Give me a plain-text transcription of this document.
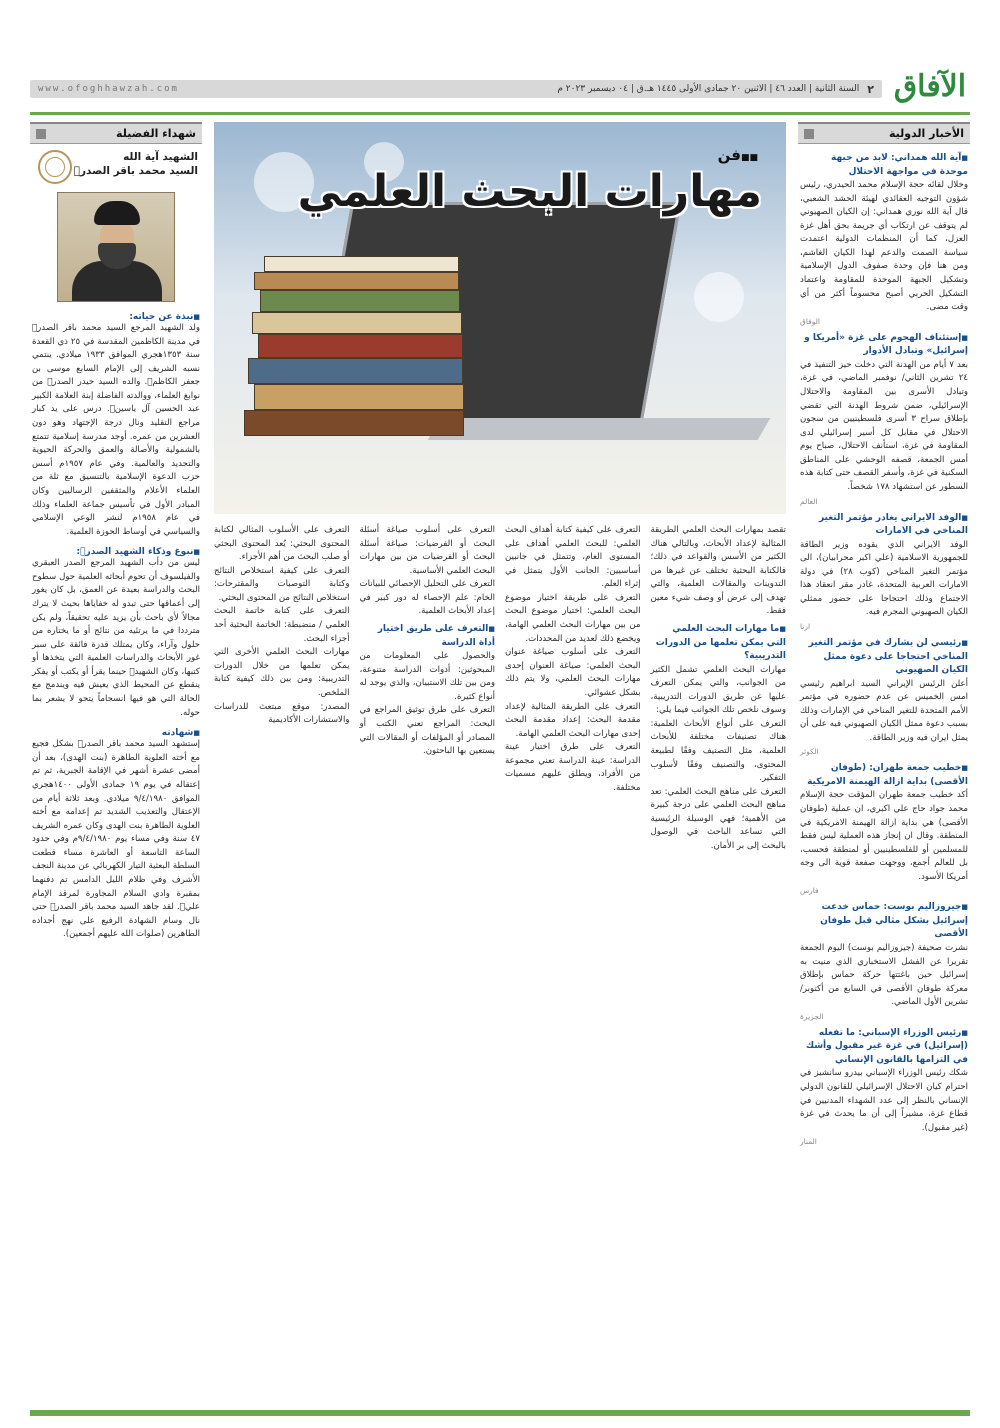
الآفاق
٢
السنة الثانية | العدد ٤٦ | الاثنين ٢٠ جمادى الأولى ١٤٤٥ هـ.ق | ٠٤ ديسمبر ٢٠٢٣ م
www.ofoghhawzah.com
الأخبار الدولية
■ آية الله همداني: لابد من جبهة موحدة في مواجهة الاحتلال

وخلال لقائه حجة الإسلام محمد الحيدري، رئيس شؤون التوجيه العقائدي لهيئة الحشد الشعبي، قال آية الله نوري همداني: إن الكيان الصهيوني لم يتوقف عن ارتكاب أي جريمة بحق أهل غزة العزل، كما أن المنظمات الدولية اعتمدت سياسة الصمت والدعم لهذا الكيان الغاشم، ومن هنا فإن وحدة صفوف الدول الإسلامية وتشكيل الجبهة الموحدة للمقاومة واعتماد التشكيل الحربي أصبح محسوماً أكثر من أي وقت مضى.

الوفاق
■ إستئناف الهجوم على غزة «أمريكا و إسرائيل» وتبادل الأدوار

بعد ٧ أيام من الهدنة التي دخلت حيز التنفيذ في ٢٤ تشرين الثاني/ نوفمبر الماضي، في غزة، وتبادل الأسرى بين المقاومة والاحتلال الإسرائيلي، ضمن شروط الهدنة التي تقضي بإطلاق سراح ٣ أسرى فلسطينيين من سجون الاحتلال في مقابل كل أسير إسرائيلي لدى المقاومة في غزة، استأنف الاحتلال، صباح يوم أمس الجمعة، قصفه الوحشي على المناطق السكنية في غزة، وأسفر القصف حتى كتابة هذه السطور عن استشهاد ١٧٨ شخصاً.

العالم
■ الوفد الايراني يغادر مؤتمر التغير المناخي في الامارات

الوفد الايراني الذي يقوده وزير الطاقة للجمهورية الاسلامية (علي اكبر محرابيان)، الى مؤتمر التغير المناخي (كوب ٢٨) في دولة الامارات العربية المتحدة، غادر مقر انعقاد هذا الاجتماع وذلك احتجاجا على حضور ممثلي الكيان الصهيوني المجرم فيه.

ارنا
■ رئيسي لن يشارك في مؤتمر التغير المناخي احتجاجا على دعوة ممثل الكيان الصهيوني

أعلن الرئيس الإيراني السيد ابراهيم رئيسي امس الخميس عن عدم حضوره في مؤتمر الأمم المتحدة للتغير المناخي في الإمارات وذلك بسبب دعوة ممثل الكيان الصهيوني فيه على أن يمثل ايران فيه وزير الطاقة.

الكوثر
■ خطيب جمعة طهران: (طوفان الأقصى) بداية ازالة الهيمنة الامريكية

أكد خطيب جمعة طهران المؤقت حجة الإسلام محمد جواد حاج علي اكبري، ان عملية (طوفان الأقصى) هي بداية ازالة الهيمنة الامريكية في المنطقة. وقال ان إنجاز هذه العملية ليس فقط للمسلمين أو للفلسطينيين أو لمنطقة فحسب، بل للعالم أجمع، ووجهت صفعة قوية الى وجه أمريكا الأسود.

فارس
■ جيروزاليم بوست: حماس خدعت إسرائيل بشكل مثالي قبل طوفان الأقصى

نشرت صحيفة (جيروزاليم بوست) اليوم الجمعة تقريرا عن الفشل الاستخباري الذي منيت به إسرائيل حين باغتتها حركة حماس بإطلاق معركة طوفان الأقصى في السابع من أكتوبر/تشرين الأول الماضي.

الجزيرة
■ رئيس الوزراء الإسباني: ما تفعله (إسرائيل) في غزة غير مقبول وأشك في التزامها بالقانون الإنساني

شكك رئيس الوزراء الإسباني بيدرو سانشيز في احترام كيان الاحتلال الإسرائيلي للقانون الدولي الإنساني بالنظر إلى عدد الشهداء المدنيين في قطاع غزة، مشيراً إلى أن ما يحدث في غزة (غير مقبول).

المنار
■■ فن
مهارات البحث العلمي

تقصد بمهارات البحث العلمي الطريقة المثالية لإعداد الأبحاث، وبالتالي هناك الكثير من الأسس والقواعد في ذلك؛ فالكتابة البحثية تختلف عن غيرها من التدوينات والمقالات العلمية، والتي تهدف إلى عرض أو وصف شيء معين فقط.

■ ما مهارات البحث العلمي التي يمكن تعلمها من الدورات التدريبية؟

مهارات البحث العلمي تشمل الكثير من الجوانب، والتي يمكن التعرف عليها عن طريق الدورات التدريبية، وسوف نلخص تلك الجوانب فيما يلي:

التعرف على أنواع الأبحاث العلمية: هناك تصنيفات مختلفة للأبحاث العلمية، مثل التصنيف وفقًا لطبيعة المحتوى، والتصنيف وفقًا لأسلوب التفكير.

التعرف على مناهج البحث العلمي: تعد مناهج البحث العلمي على درجة كبيرة من الأهمية؛ فهي الوسيلة الرئيسية التي تساعد الباحث في الوصول بالبحث إلى بر الأمان.

التعرف على كيفية كتابة أهداف البحث العلمي: للبحث العلمي أهداف على المستوى العام، وتتمثل في جانبين أساسيين: الجانب الأول يتمثل في إثراء العلم.

التعرف على طريقة اختيار موضوع البحث العلمي: اختيار موضوع البحث من بين مهارات البحث العلمي الهامة، ويخضع ذلك لعديد من المحددات.

التعرف على أسلوب صياغة عنوان البحث العلمي: صياغة العنوان إحدى مهارات البحث العلمي، ولا يتم ذلك بشكل عشوائي.

التعرف على الطريقة المثالية لإعداد مقدمة البحث: إعداد مقدمة البحث إحدى مهارات البحث العلمي الهامة.

التعرف على طرق اختيار عينة الدراسة: عينة الدراسة تعني مجموعة من الأفراد، ويطلق عليهم مسميات مختلفة.

التعرف على أسلوب صياغة أسئلة البحث أو الفرضيات: صياغة أسئلة البحث أو الفرضيات من بين مهارات البحث العلمي الأساسية.

التعرف على التحليل الإحصائي للبيانات الخام: علم الإحصاء له دور كبير في إعداد الأبحاث العلمية.

■ التعرف على طريق اختيار أداة الدراسة

والحصول على المعلومات من المبحوثين: أدوات الدراسة متنوعة، ومن بين تلك الاستبيان، والذي يوجد له أنواع كثيرة.

التعرف على طرق توثيق المراجع في البحث: المراجع تعني الكتب أو المصادر أو المؤلفات أو المقالات التي يستعين بها الباحثون.

التعرف على الأسلوب المثالي لكتابة المحتوى البحثي: يُعد المحتوى البحثي أو صلب البحث من أهم الأجزاء.

التعرف على كيفية استخلاص النتائج وكتابة التوصيات والمقترحات: استخلاص النتائج من المحتوى البحثي.

التعرف على كتابة خاتمة البحث العلمي / منضبطة: الخاتمة البحثية أحد أجزاء البحث.

مهارات البحث العلمي الأخرى التي يمكن تعلمها من خلال الدورات التدريبية: ومن بين ذلك كيفية كتابة الملخص.

المصدر: موقع مبتعث للدراسات والاستشارات الأكاديمية

شهداء الفضيلة
الشهيد آية الله
السيد محمد باقر الصدرؒ
■ نبذة عن حياته:

ولد الشهيد المرجع السيد محمد باقر الصدرؒ في مدينة الكاظمين المقدسة في ٢٥ ذي القعدة سنة ١٣٥٣هجري الموافق ١٩٣٣ ميلادي. ينتمي نسبه الشريف إلى الإمام السابع موسى بن جعفر الكاظمؑ. والده السيد حيدر الصدرؒ من نوابغ العلماء، ووالدته الفاضلة إبنة العلامة الكبير عبد الحسين آل ياسينؒ. درس على يد كبار مراجع التقليد ونال درجة الإجتهاد وهو دون العشرين من عمره. أوجد مدرسة إسلامية تتمتع بالشمولية والأصالة والعمق والحركة الحيوية والتجديد والعالمية. وفي عام ١٩٥٧م أسس حزب الدعوة الإسلامية بالتنسيق مع ثلة من العلماء الأعلام والمثقفين الرساليين وكان المبادر الأول في تأسيس جماعة العلماء وذلك في عام ١٩٥٨م لنشر الوعي الإسلامي والسياسي في أوساط الحوزة العلمية.

■ نبوغ وذكاء الشهيد الصدرؒ:

ليس من دأب الشهيد المرجع الصدر العبقري والفيلسوف أن تحوم أبحاثه العلمية حول سطوح البحث والدراسة بعيدة عن العمق، بل كان يغور إلى أعماقها حتى تبدو له خفاياها بحيث لا يترك مجالاً لأي باحث بأن يزيد عليه تحقيقاً، ولم يكن مترددا في ما يرتئيه من نتائج أو ما يختاره من حلول وآراء، وكان يمتلك قدرة فائقة على سبر غور الأبحاث والدراسات العلمية التي يتخذها أو كتبها، وكان الشهيدؒ حينما يقرأ أو يكتب أو يفكر ينقطع عن المحيط الذي يعيش فيه ويندمج مع الحالة التي هو فيها انسجاماً يتحو لا يشعر بما حوله.

■ شهادته

إستشهد السيد محمد باقر الصدرؒ بشكل فجيع مع أخته العلوية الطاهرة (بنت الهدى)، بعد أن أمضى عشرة أشهر في الإقامة الجبرية، ثم تم إعتقاله في يوم ١٩ جمادى الأولى ١٤٠٠هجري الموافق ٩/٤/١٩٨٠ ميلادي. وبعد ثلاثة أيام من الإعتقال والتعذيب الشديد تم إعدامه مع أخته العلوية الطاهرة بنت الهدى وكان عمره الشريف ٤٧ سنة وفي مساء يوم ٩/٤/١٩٨٠م وفي حدود الساعة التاسعة أو العاشرة مساء قطعت السلطة البعثية التيار الكهربائي عن مدينة النجف الأشرف وفي ظلام الليل الدامس تم دفنهما بمقبرة وادي السلام المجاورة لمرقد الإمام عليؑ. لقد جاهد السيد محمد باقر الصدرؒ حتى نال وسام الشهادة الرفيع على نهج أجداده الطاهرين (صلوات الله عليهم أجمعين).
